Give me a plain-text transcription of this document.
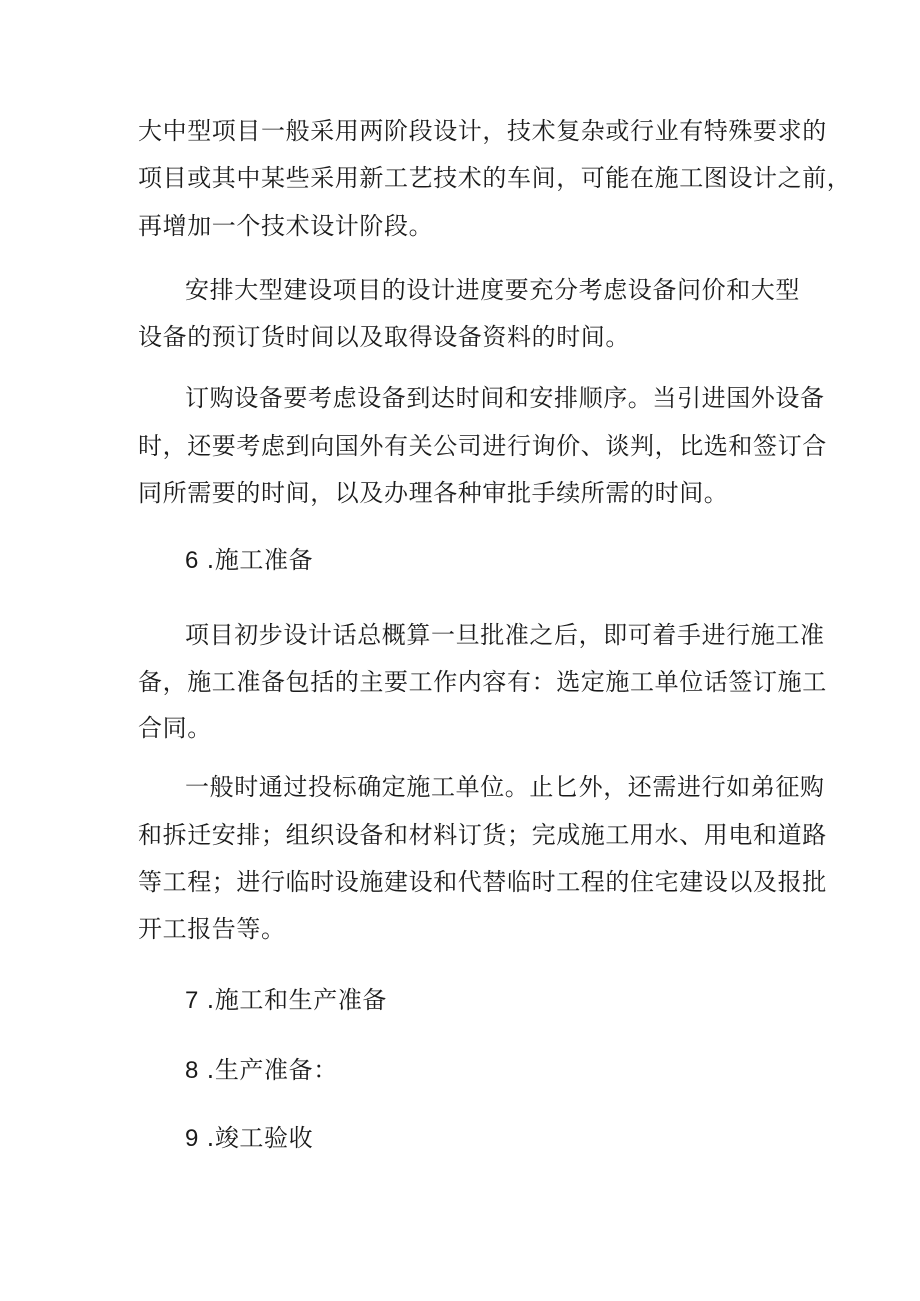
大中型项目一般采用两阶段设计，技术复杂或行业有特殊要求的
项目或其中某些采用新工艺技术的车间，可能在施工图设计之前，
再增加一个技术设计阶段。
安排大型建设项目的设计进度要充分考虑设备问价和大型
设备的预订货时间以及取得设备资料的时间。
订购设备要考虑设备到达时间和安排顺序。当引进国外设备
时，还要考虑到向国外有关公司进行询价、谈判，比选和签订合
同所需要的时间，以及办理各种审批手续所需的时间。
6 .施工准备
项目初步设计话总概算一旦批准之后，即可着手进行施工准
备，施工准备包括的主要工作内容有：选定施工单位话签订施工
合同。
一般时通过投标确定施工单位。止匕外，还需进行如弟征购
和拆迁安排；组织设备和材料订货；完成施工用水、用电和道路
等工程；进行临时设施建设和代替临时工程的住宅建设以及报批
开工报告等。
7 .施工和生产准备
8 .生产准备：
9 .竣工验收
